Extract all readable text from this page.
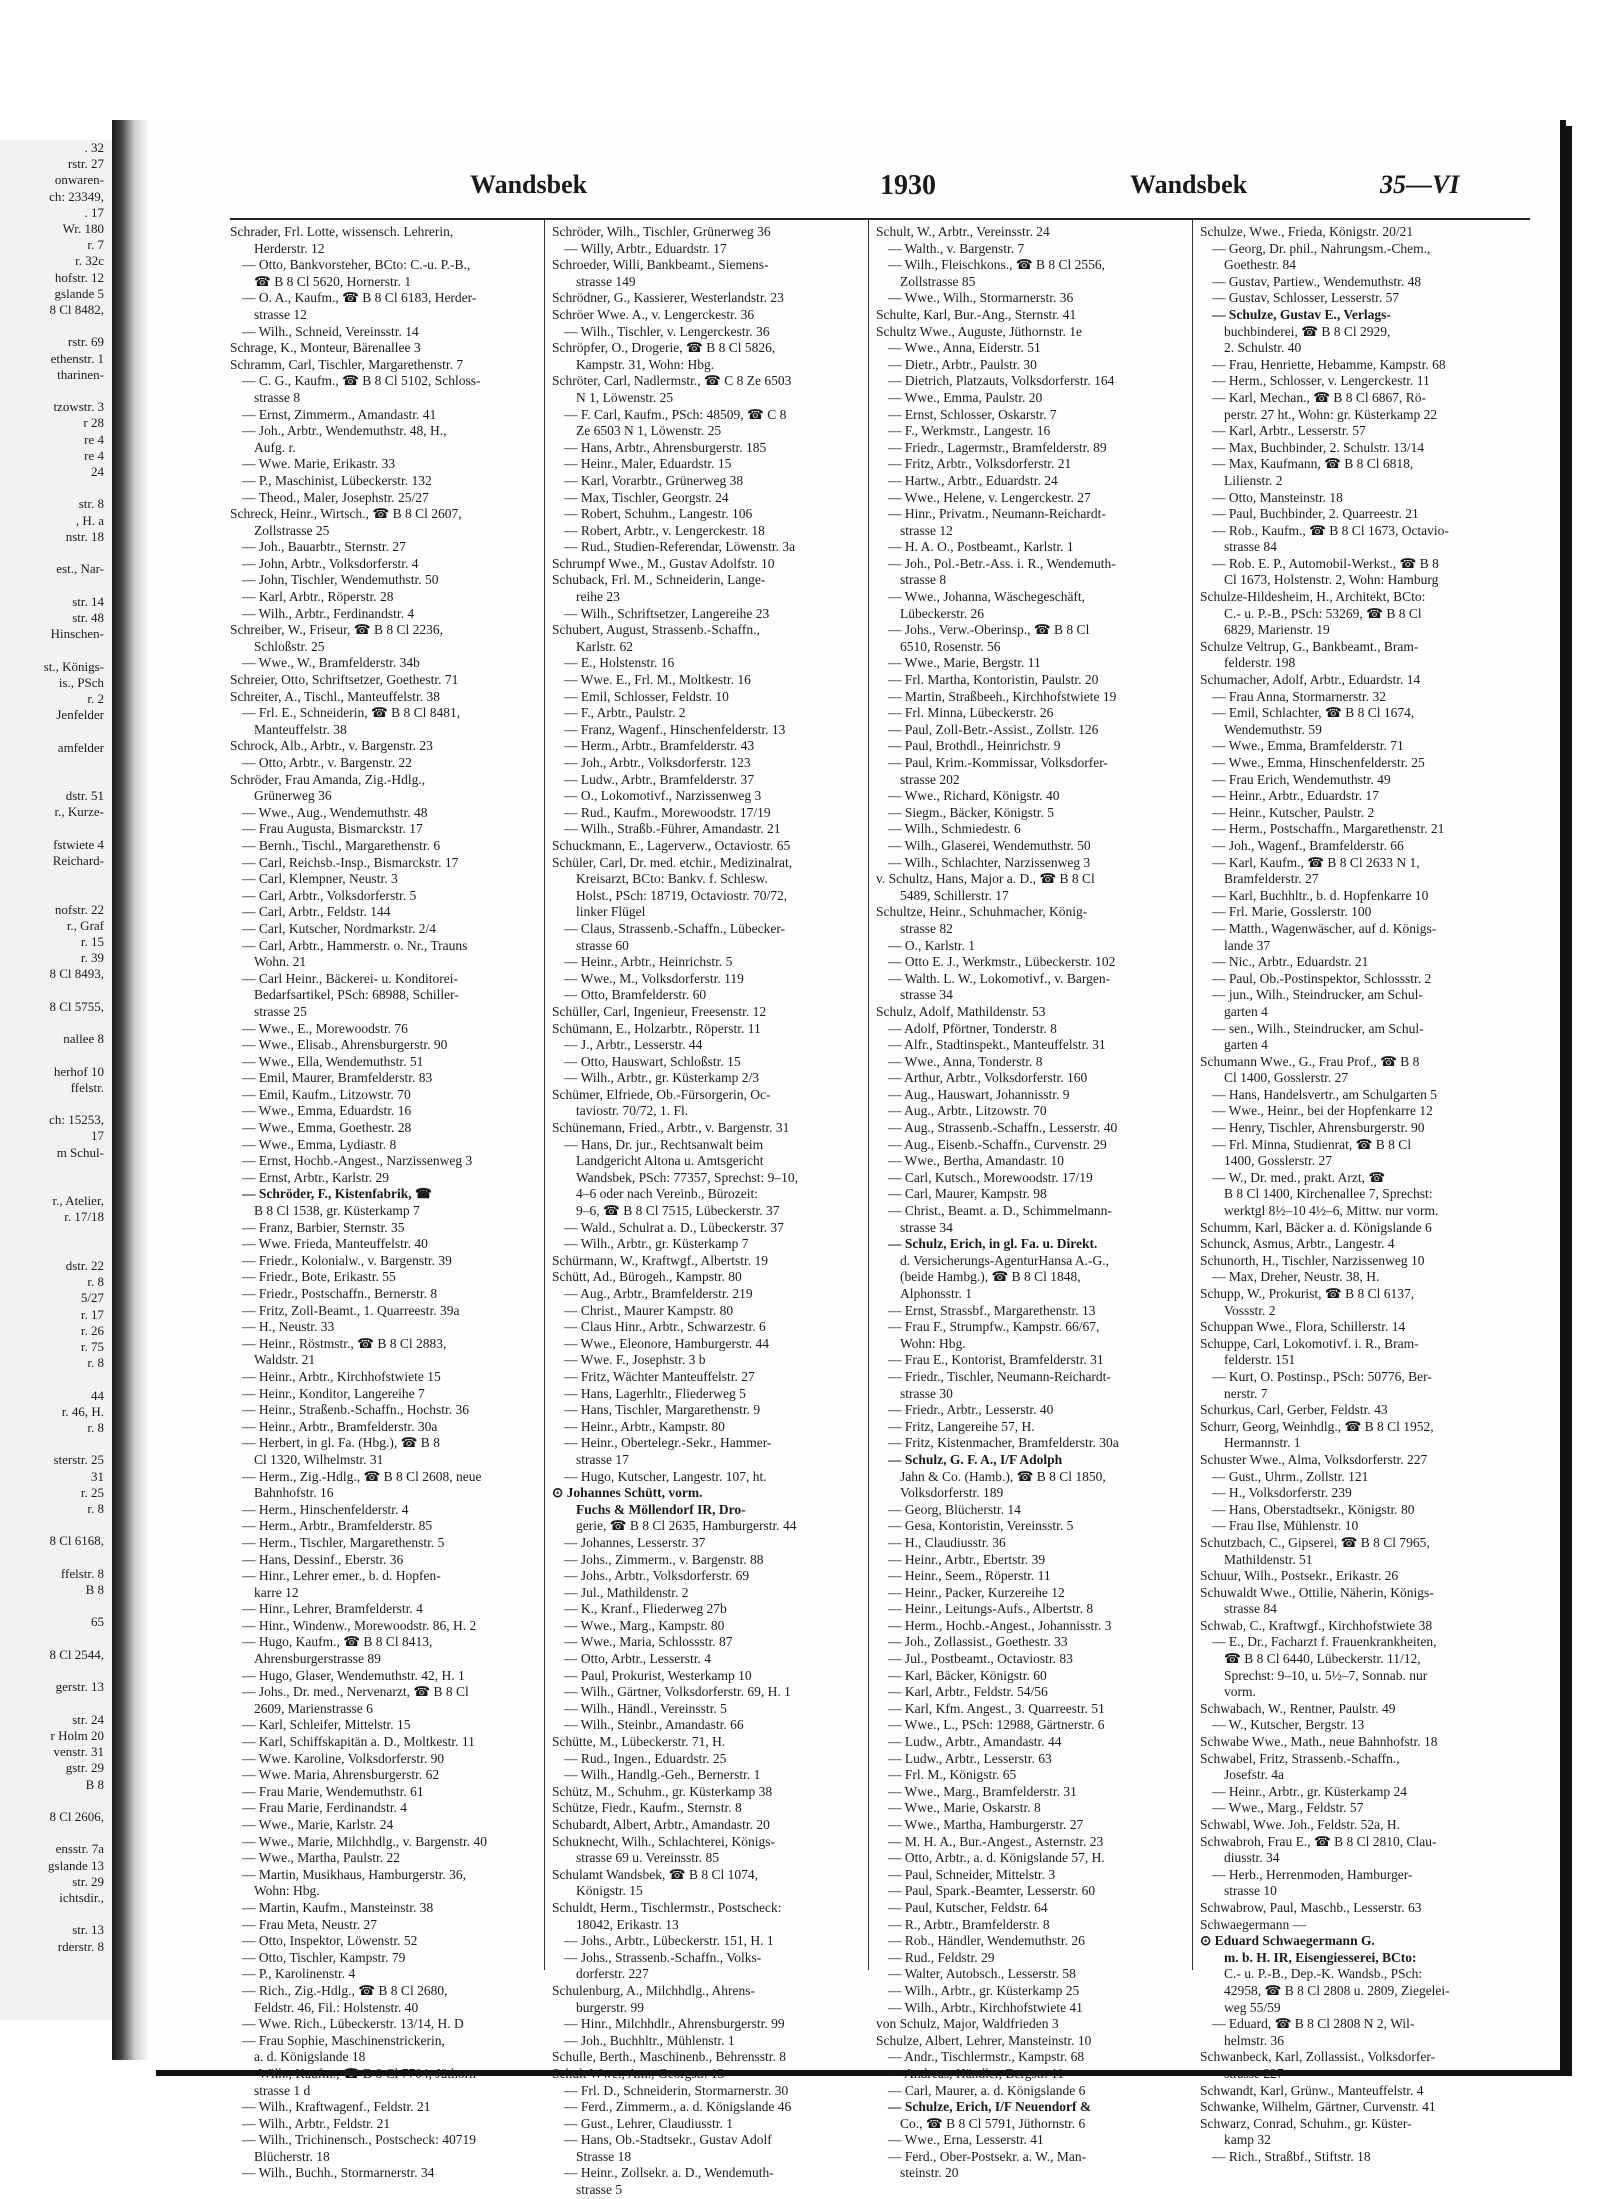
. 32
rstr. 27
onwaren-
ch: 23349,
. 17
Wr. 180
r. 7
r. 32c
hofstr. 12
gslande 5
8 Cl 8482,

rstr. 69
ethenstr. 1
tharinen-

tzowstr. 3
r 28
re 4
re 4
24

str. 8
, H. a
nstr. 18

est., Nar-

str. 14
str. 48
Hinschen-

st., Königs-
is., PSch
r. 2
Jenfelder

amfelder

dstr. 51
r., Kurze-

fstwiete 4
Reichard-

nofstr. 22
r., Graf
r. 15
r. 39
8 Cl 8493,

8 Cl 5755,

nallee 8

herhof 10
ffelstr.

ch: 15253,
17
m Schul-

r., Atelier,
r. 17/18

dstr. 22
r. 8
5/27
r. 17
r. 26
r. 75
r. 8

44
r. 46, H.
r. 8

sterstr. 25
31
r. 25
r. 8

8 Cl 6168,

ffelstr. 8
B 8

65

8 Cl 2544,

gerstr. 13

str. 24
r Holm 20
venstr. 31
gstr. 29
B 8

8 Cl 2606,

ensstr. 7a
gslande 13
str. 29
ichtsdir.,

str. 13
rderstr. 8
Wandsbek	1930	Wandsbek	35—VI
Schrader, Frl. Lotte, wissensch. Lehrerin,
Herderstr. 12
— Otto, Bankvorsteher, BCto: C.-u. P.-B.,
☎ B 8 Cl 5620, Hornerstr. 1
— O. A., Kaufm., ☎ B 8 Cl 6183, Herder-
strasse 12
— Wilh., Schneid, Vereinsstr. 14
Schrage, K., Monteur, Bärenallee 3
Schramm, Carl, Tischler, Margarethenstr. 7
— C. G., Kaufm., ☎ B 8 Cl 5102, Schloss-
strasse 8
— Ernst, Zimmerm., Amandastr. 41
— Joh., Arbtr., Wendemuthstr. 48, H.,
Aufg. r.
— Wwe. Marie, Erikastr. 33
— P., Maschinist, Lübeckerstr. 132
— Theod., Maler, Josephstr. 25/27
Schreck, Heinr., Wirtsch., ☎ B 8 Cl 2607,
Zollstrasse 25
— Joh., Bauarbtr., Sternstr. 27
— John, Arbtr., Volksdorferstr. 4
— John, Tischler, Wendemuthstr. 50
— Karl, Arbtr., Röperstr. 28
— Wilh., Arbtr., Ferdinandstr. 4
Schreiber, W., Friseur, ☎ B 8 Cl 2236,
Schloßstr. 25
— Wwe., W., Bramfelderstr. 34b
Schreier, Otto, Schriftsetzer, Goethestr. 71
Schreiter, A., Tischl., Manteuffelstr. 38
— Frl. E., Schneiderin, ☎ B 8 Cl 8481,
Manteuffelstr. 38
Schrock, Alb., Arbtr., v. Bargenstr. 23
— Otto, Arbtr., v. Bargenstr. 22
Schröder, Frau Amanda, Zig.-Hdlg.,
Grünerweg 36
— Wwe., Aug., Wendemuthstr. 48
— Frau Augusta, Bismarckstr. 17
— Bernh., Tischl., Margarethenstr. 6
— Carl, Reichsb.-Insp., Bismarckstr. 17
— Carl, Klempner, Neustr. 3
— Carl, Arbtr., Volksdorferstr. 5
— Carl, Arbtr., Feldstr. 144
— Carl, Kutscher, Nordmarkstr. 2/4
— Carl, Arbtr., Hammerstr. o. Nr., Trauns
Wohn. 21
— Carl Heinr., Bäckerei- u. Konditorei-
Bedarfsartikel, PSch: 68988, Schiller-
strasse 25
— Wwe., E., Morewoodstr. 76
— Wwe., Elisab., Ahrensburgerstr. 90
— Wwe., Ella, Wendemuthstr. 51
— Emil, Maurer, Bramfelderstr. 83
— Emil, Kaufm., Litzowstr. 70
— Wwe., Emma, Eduardstr. 16
— Wwe., Emma, Goethestr. 28
— Wwe., Emma, Lydiastr. 8
— Ernst, Hochb.-Angest., Narzissenweg 3
— Ernst, Arbtr., Karlstr. 29
— Schröder, F., Kistenfabrik, ☎
B 8 Cl 1538, gr. Küsterkamp 7
— Franz, Barbier, Sternstr. 35
— Wwe. Frieda, Manteuffelstr. 40
— Friedr., Kolonialw., v. Bargenstr. 39
— Friedr., Bote, Erikastr. 55
— Friedr., Postschaffn., Bernerstr. 8
— Fritz, Zoll-Beamt., 1. Quarreestr. 39a
— H., Neustr. 33
— Heinr., Röstmstr., ☎ B 8 Cl 2883,
Waldstr. 21
— Heinr., Arbtr., Kirchhofstwiete 15
— Heinr., Konditor, Langereihe 7
— Heinr., Straßenb.-Schaffn., Hochstr. 36
— Heinr., Arbtr., Bramfelderstr. 30a
— Herbert, in gl. Fa. (Hbg.), ☎ B 8
Cl 1320, Wilhelmstr. 31
— Herm., Zig.-Hdlg., ☎ B 8 Cl 2608, neue
Bahnhofstr. 16
— Herm., Hinschenfelderstr. 4
— Herm., Arbtr., Bramfelderstr. 85
— Herm., Tischler, Margarethenstr. 5
— Hans, Dessinf., Eberstr. 36
— Hinr., Lehrer emer., b. d. Hopfen-
karre 12
— Hinr., Lehrer, Bramfelderstr. 4
— Hinr., Windenw., Morewoodstr. 86, H. 2
— Hugo, Kaufm., ☎ B 8 Cl 8413,
Ahrensburgerstrasse 89
— Hugo, Glaser, Wendemuthstr. 42, H. 1
— Johs., Dr. med., Nervenarzt, ☎ B 8 Cl
2609, Marienstrasse 6
— Karl, Schleifer, Mittelstr. 15
— Karl, Schiffskapitän a. D., Moltkestr. 11
— Wwe. Karoline, Volksdorferstr. 90
— Wwe. Maria, Ahrensburgerstr. 62
— Frau Marie, Wendemuthstr. 61
— Frau Marie, Ferdinandstr. 4
— Wwe., Marie, Karlstr. 24
— Wwe., Marie, Milchhdlg., v. Bargenstr. 40
— Wwe., Martha, Paulstr. 22
— Martin, Musikhaus, Hamburgerstr. 36,
Wohn: Hbg.
— Martin, Kaufm., Mansteinstr. 38
— Frau Meta, Neustr. 27
— Otto, Inspektor, Löwenstr. 52
— Otto, Tischler, Kampstr. 79
— P., Karolinenstr. 4
— Rich., Zig.-Hdlg., ☎ B 8 Cl 2680,
Feldstr. 46, Fil.: Holstenstr. 40
— Wwe. Rich., Lübeckerstr. 13/14, H. D
— Frau Sophie, Maschinenstrickerin,
a. d. Königslande 18
— Wilh., Kaufm., ☎ B 8 Cl 7704, Jüthorn
strasse 1 d
— Wilh., Kraftwagenf., Feldstr. 21
— Wilh., Arbtr., Feldstr. 21
— Wilh., Trichinensch., Postscheck: 40719
Blücherstr. 18
— Wilh., Buchh., Stormarnerstr. 34
Schröder, Wilh., Tischler, Grünerweg 36
— Willy, Arbtr., Eduardstr. 17
Schroeder, Willi, Bankbeamt., Siemens-
strasse 149
Schrödner, G., Kassierer, Westerlandstr. 23
Schröer Wwe. A., v. Lengerckestr. 36
— Wilh., Tischler, v. Lengerckestr. 36
Schröpfer, O., Drogerie, ☎ B 8 Cl 5826,
Kampstr. 31, Wohn: Hbg.
Schröter, Carl, Nadlermstr., ☎ C 8 Ze 6503
N 1, Löwenstr. 25
— F. Carl, Kaufm., PSch: 48509, ☎ C 8
Ze 6503 N 1, Löwenstr. 25
— Hans, Arbtr., Ahrensburgerstr. 185
— Heinr., Maler, Eduardstr. 15
— Karl, Vorarbtr., Grünerweg 38
— Max, Tischler, Georgstr. 24
— Robert, Schuhm., Langestr. 106
— Robert, Arbtr., v. Lengerckestr. 18
— Rud., Studien-Referendar, Löwenstr. 3a
Schrumpf Wwe., M., Gustav Adolfstr. 10
Schuback, Frl. M., Schneiderin, Lange-
reihe 23
— Wilh., Schriftsetzer, Langereihe 23
Schubert, August, Strassenb.-Schaffn.,
Karlstr. 62
— E., Holstenstr. 16
— Wwe. E., Frl. M., Moltkestr. 16
— Emil, Schlosser, Feldstr. 10
— F., Arbtr., Paulstr. 2
— Franz, Wagenf., Hinschenfelderstr. 13
— Herm., Arbtr., Bramfelderstr. 43
— Joh., Arbtr., Volksdorferstr. 123
— Ludw., Arbtr., Bramfelderstr. 37
— O., Lokomotivf., Narzissenweg 3
— Rud., Kaufm., Morewoodstr. 17/19
— Wilh., Straßb.-Führer, Amandastr. 21
Schuckmann, E., Lagerverw., Octaviostr. 65
Schüler, Carl, Dr. med. etchir., Medizinalrat,
Kreisarzt, BCto: Bankv. f. Schlesw.
Holst., PSch: 18719, Octaviostr. 70/72,
linker Flügel
— Claus, Strassenb.-Schaffn., Lübecker-
strasse 60
— Heinr., Arbtr., Heinrichstr. 5
— Wwe., M., Volksdorferstr. 119
— Otto, Bramfelderstr. 60
Schüller, Carl, Ingenieur, Freesenstr. 12
Schümann, E., Holzarbtr., Röperstr. 11
— J., Arbtr., Lesserstr. 44
— Otto, Hauswart, Schloßstr. 15
— Wilh., Arbtr., gr. Küsterkamp 2/3
Schümer, Elfriede, Ob.-Fürsorgerin, Oc-
taviostr. 70/72, 1. Fl.
Schünemann, Fried., Arbtr., v. Bargenstr. 31
— Hans, Dr. jur., Rechtsanwalt beim
Landgericht Altona u. Amtsgericht
Wandsbek, PSch: 77357, Sprechst: 9–10,
4–6 oder nach Vereinb., Bürozeit:
9–6, ☎ B 8 Cl 7515, Lübeckerstr. 37
— Wald., Schulrat a. D., Lübeckerstr. 37
— Wilh., Arbtr., gr. Küsterkamp 7
Schürmann, W., Kraftwgf., Albertstr. 19
Schütt, Ad., Bürogeh., Kampstr. 80
— Aug., Arbtr., Bramfelderstr. 219
— Christ., Maurer Kampstr. 80
— Claus Hinr., Arbtr., Schwarzestr. 6
— Wwe., Eleonore, Hamburgerstr. 44
— Wwe. F., Josephstr. 3 b
— Fritz, Wächter Manteuffelstr. 27
— Hans, Lagerhltr., Fliederweg 5
— Hans, Tischler, Margarethenstr. 9
— Heinr., Arbtr., Kampstr. 80
— Heinr., Obertelegr.-Sekr., Hammer-
strasse 17
— Hugo, Kutscher, Langestr. 107, ht.
⊙ Johannes Schütt, vorm.
Fuchs & Möllendorf IR, Dro-
gerie, ☎ B 8 Cl 2635, Hamburgerstr. 44
— Johannes, Lesserstr. 37
— Johs., Zimmerm., v. Bargenstr. 88
— Johs., Arbtr., Volksdorferstr. 69
— Jul., Mathildenstr. 2
— K., Kranf., Fliederweg 27b
— Wwe., Marg., Kampstr. 80
— Wwe., Maria, Schlossstr. 87
— Otto, Arbtr., Lesserstr. 4
— Paul, Prokurist, Westerkamp 10
— Wilh., Gärtner, Volksdorferstr. 69, H. 1
— Wilh., Händl., Vereinsstr. 5
— Wilh., Steinbr., Amandastr. 66
Schütte, M., Lübeckerstr. 71, H.
— Rud., Ingen., Eduardstr. 25
— Wilh., Handlg.-Geh., Bernerstr. 1
Schütz, M., Schuhm., gr. Küsterkamp 38
Schütze, Fiedr., Kaufm., Sternstr. 8
Schubardt, Albert, Arbtr., Amandastr. 20
Schuknecht, Wilh., Schlachterei, Königs-
strasse 69 u. Vereinsstr. 85
Schulamt Wandsbek, ☎ B 8 Cl 1074,
Königstr. 15
Schuldt, Herm., Tischlermstr., Postscheck:
18042, Erikastr. 13
— Johs., Arbtr., Lübeckerstr. 151, H. 1
— Johs., Strassenb.-Schaffn., Volks-
dorferstr. 227
Schulenburg, A., Milchhdlg., Ahrens-
burgerstr. 99
— Hinr., Milchhdlr., Ahrensburgerstr. 99
— Joh., Buchhltr., Mühlenstr. 1
Schulle, Berth., Maschinenb., Behrensstr. 8
Schult Wwe., Am., Georgstr. 13
— Frl. D., Schneiderin, Stormarnerstr. 30
— Ferd., Zimmerm., a. d. Königslande 46
— Gust., Lehrer, Claudiusstr. 1
— Hans, Ob.-Stadtsekr., Gustav Adolf
Strasse 18
— Heinr., Zollsekr. a. D., Wendemuth-
strasse 5
Schult, W., Arbtr., Vereinsstr. 24
— Walth., v. Bargenstr. 7
— Wilh., Fleischkons., ☎ B 8 Cl 2556,
Zollstrasse 85
— Wwe., Wilh., Stormarnerstr. 36
Schulte, Karl, Bur.-Ang., Sternstr. 41
Schultz Wwe., Auguste, Jüthornstr. 1e
— Wwe., Anna, Eiderstr. 51
— Dietr., Arbtr., Paulstr. 30
— Dietrich, Platzauts, Volksdorferstr. 164
— Wwe., Emma, Paulstr. 20
— Ernst, Schlosser, Oskarstr. 7
— F., Werkmstr., Langestr. 16
— Friedr., Lagermstr., Bramfelderstr. 89
— Fritz, Arbtr., Volksdorferstr. 21
— Hartw., Arbtr., Eduardstr. 24
— Wwe., Helene, v. Lengerckestr. 27
— Hinr., Privatm., Neumann-Reichardt-
strasse 12
— H. A. O., Postbeamt., Karlstr. 1
— Joh., Pol.-Betr.-Ass. i. R., Wendemuth-
strasse 8
— Wwe., Johanna, Wäschegeschäft,
Lübeckerstr. 26
— Johs., Verw.-Oberinsp., ☎ B 8 Cl
6510, Rosenstr. 56
— Wwe., Marie, Bergstr. 11
— Frl. Martha, Kontoristin, Paulstr. 20
— Martin, Straßbeeh., Kirchhofstwiete 19
— Frl. Minna, Lübeckerstr. 26
— Paul, Zoll-Betr.-Assist., Zollstr. 126
— Paul, Brothdl., Heinrichstr. 9
— Paul, Krim.-Kommissar, Volksdorfer-
strasse 202
— Wwe., Richard, Königstr. 40
— Siegm., Bäcker, Königstr. 5
— Wilh., Schmiedestr. 6
— Wilh., Glaserei, Wendemuthstr. 50
— Wilh., Schlachter, Narzissenweg 3
v. Schultz, Hans, Major a. D., ☎ B 8 Cl
5489, Schillerstr. 17
Schultze, Heinr., Schuhmacher, König-
strasse 82
— O., Karlstr. 1
— Otto E. J., Werkmstr., Lübeckerstr. 102
— Walth. L. W., Lokomotivf., v. Bargen-
strasse 34
Schulz, Adolf, Mathildenstr. 53
— Adolf, Pförtner, Tonderstr. 8
— Alfr., Stadtinspekt., Manteuffelstr. 31
— Wwe., Anna, Tonderstr. 8
— Arthur, Arbtr., Volksdorferstr. 160
— Aug., Hauswart, Johannisstr. 9
— Aug., Arbtr., Litzowstr. 70
— Aug., Strassenb.-Schaffn., Lesserstr. 40
— Aug., Eisenb.-Schaffn., Curvenstr. 29
— Wwe., Bertha, Amandastr. 10
— Carl, Kutsch., Morewoodstr. 17/19
— Carl, Maurer, Kampstr. 98
— Christ., Beamt. a. D., Schimmelmann-
strasse 34
— Schulz, Erich, in gl. Fa. u. Direkt.
d. Versicherungs-AgenturHansa A.-G.,
(beide Hambg.), ☎ B 8 Cl 1848,
Alphonsstr. 1
— Ernst, Strassbf., Margarethenstr. 13
— Frau F., Strumpfw., Kampstr. 66/67,
Wohn: Hbg.
— Frau E., Kontorist, Bramfelderstr. 31
— Friedr., Tischler, Neumann-Reichardt-
strasse 30
— Friedr., Arbtr., Lesserstr. 40
— Fritz, Langereihe 57, H.
— Fritz, Kistenmacher, Bramfelderstr. 30a
— Schulz, G. F. A., I/F Adolph
Jahn & Co. (Hamb.), ☎ B 8 Cl 1850,
Volksdorferstr. 189
— Georg, Blücherstr. 14
— Gesa, Kontoristin, Vereinsstr. 5
— H., Claudiusstr. 36
— Heinr., Arbtr., Ebertstr. 39
— Heinr., Seem., Röperstr. 11
— Heinr., Packer, Kurzereihe 12
— Heinr., Leitungs-Aufs., Albertstr. 8
— Herm., Hochb.-Angest., Johannisstr. 3
— Joh., Zollassist., Goethestr. 33
— Jul., Postbeamt., Octaviostr. 83
— Karl, Bäcker, Königstr. 60
— Karl, Arbtr., Feldstr. 54/56
— Karl, Kfm. Angest., 3. Quarreestr. 51
— Wwe., L., PSch: 12988, Gärtnerstr. 6
— Ludw., Arbtr., Amandastr. 44
— Ludw., Arbtr., Lesserstr. 63
— Frl. M., Königstr. 65
— Wwe., Marg., Bramfelderstr. 31
— Wwe., Marie, Oskarstr. 8
— Wwe., Martha, Hamburgerstr. 27
— M. H. A., Bur.-Angest., Asternstr. 23
— Otto, Arbtr., a. d. Königslande 57, H.
— Paul, Schneider, Mittelstr. 3
— Paul, Spark.-Beamter, Lesserstr. 60
— Paul, Kutscher, Feldstr. 64
— R., Arbtr., Bramfelderstr. 8
— Rob., Händler, Wendemuthstr. 26
— Rud., Feldstr. 29
— Walter, Autobsch., Lesserstr. 58
— Wilh., Arbtr., gr. Küsterkamp 25
— Wilh., Arbtr., Kirchhofstwiete 41
von Schulz, Major, Waldfrieden 3
Schulze, Albert, Lehrer, Mansteinstr. 10
— Andr., Tischlermstr., Kampstr. 68
— Andreas, Händler, Bergstr. 11
— Carl, Maurer, a. d. Königslande 6
— Schulze, Erich, I/F Neuendorf &
Co., ☎ B 8 Cl 5791, Jüthornstr. 6
— Wwe., Erna, Lesserstr. 41
— Ferd., Ober-Postsekr. a. W., Man-
steinstr. 20
Schulze, Wwe., Frieda, Königstr. 20/21
— Georg, Dr. phil., Nahrungsm.-Chem.,
Goethestr. 84
— Gustav, Partiew., Wendemuthstr. 48
— Gustav, Schlosser, Lesserstr. 57
— Schulze, Gustav E., Verlags-
buchbinderei, ☎ B 8 Cl 2929,
2. Schulstr. 40
— Frau, Henriette, Hebamme, Kampstr. 68
— Herm., Schlosser, v. Lengerckestr. 11
— Karl, Mechan., ☎ B 8 Cl 6867, Rö-
perstr. 27 ht., Wohn: gr. Küsterkamp 22
— Karl, Arbtr., Lesserstr. 57
— Max, Buchbinder, 2. Schulstr. 13/14
— Max, Kaufmann, ☎ B 8 Cl 6818,
Lilienstr. 2
— Otto, Mansteinstr. 18
— Paul, Buchbinder, 2. Quarreestr. 21
— Rob., Kaufm., ☎ B 8 Cl 1673, Octavio-
strasse 84
— Rob. E. P., Automobil-Werkst., ☎ B 8
Cl 1673, Holstenstr. 2, Wohn: Hamburg
Schulze-Hildesheim, H., Architekt, BCto:
C.- u. P.-B., PSch: 53269, ☎ B 8 Cl
6829, Marienstr. 19
Schulze Veltrup, G., Bankbeamt., Bram-
felderstr. 198
Schumacher, Adolf, Arbtr., Eduardstr. 14
— Frau Anna, Stormarnerstr. 32
— Emil, Schlachter, ☎ B 8 Cl 1674,
Wendemuthstr. 59
— Wwe., Emma, Bramfelderstr. 71
— Wwe., Emma, Hinschenfelderstr. 25
— Frau Erich, Wendemuthstr. 49
— Heinr., Arbtr., Eduardstr. 17
— Heinr., Kutscher, Paulstr. 2
— Herm., Postschaffn., Margarethenstr. 21
— Joh., Wagenf., Bramfelderstr. 66
— Karl, Kaufm., ☎ B 8 Cl 2633 N 1,
Bramfelderstr. 27
— Karl, Buchhltr., b. d. Hopfenkarre 10
— Frl. Marie, Gosslerstr. 100
— Matth., Wagenwäscher, auf d. Königs-
lande 37
— Nic., Arbtr., Eduardstr. 21
— Paul, Ob.-Postinspektor, Schlossstr. 2
— jun., Wilh., Steindrucker, am Schul-
garten 4
— sen., Wilh., Steindrucker, am Schul-
garten 4
Schumann Wwe., G., Frau Prof., ☎ B 8
Cl 1400, Gosslerstr. 27
— Hans, Handelsvertr., am Schulgarten 5
— Wwe., Heinr., bei der Hopfenkarre 12
— Henry, Tischler, Ahrensburgerstr. 90
— Frl. Minna, Studienrat, ☎ B 8 Cl
1400, Gosslerstr. 27
— W., Dr. med., prakt. Arzt, ☎
B 8 Cl 1400, Kirchenallee 7, Sprechst:
werktgl 8½–10 4½–6, Mittw. nur vorm.
Schumm, Karl, Bäcker a. d. Königslande 6
Schunck, Asmus, Arbtr., Langestr. 4
Schunorth, H., Tischler, Narzissenweg 10
— Max, Dreher, Neustr. 38, H.
Schupp, W., Prokurist, ☎ B 8 Cl 6137,
Vossstr. 2
Schuppan Wwe., Flora, Schillerstr. 14
Schuppe, Carl, Lokomotivf. i. R., Bram-
felderstr. 151
— Kurt, O. Postinsp., PSch: 50776, Ber-
nerstr. 7
Schurkus, Carl, Gerber, Feldstr. 43
Schurr, Georg, Weinhdlg., ☎ B 8 Cl 1952,
Hermannstr. 1
Schuster Wwe., Alma, Volksdorferstr. 227
— Gust., Uhrm., Zollstr. 121
— H., Volksdorferstr. 239
— Hans, Oberstadtsekr., Königstr. 80
— Frau Ilse, Mühlenstr. 10
Schutzbach, C., Gipserei, ☎ B 8 Cl 7965,
Mathildenstr. 51
Schuur, Wilh., Postsekr., Erikastr. 26
Schuwaldt Wwe., Ottilie, Näherin, Königs-
strasse 84
Schwab, C., Kraftwgf., Kirchhofstwiete 38
— E., Dr., Facharzt f. Frauenkrankheiten,
☎ B 8 Cl 6440, Lübeckerstr. 11/12,
Sprechst: 9–10, u. 5½–7, Sonnab. nur
vorm.
Schwabach, W., Rentner, Paulstr. 49
— W., Kutscher, Bergstr. 13
Schwabe Wwe., Math., neue Bahnhofstr. 18
Schwabel, Fritz, Strassenb.-Schaffn.,
Josefstr. 4a
— Heinr., Arbtr., gr. Küsterkamp 24
— Wwe., Marg., Feldstr. 57
Schwabl, Wwe. Joh., Feldstr. 52a, H.
Schwabroh, Frau E., ☎ B 8 Cl 2810, Clau-
diusstr. 34
— Herb., Herrenmoden, Hamburger-
strasse 10
Schwabrow, Paul, Maschb., Lesserstr. 63
Schwaegermann —
⊙ Eduard Schwaegermann G.
m. b. H. IR, Eisengiesserei, BCto:
C.- u. P.-B., Dep.-K. Wandsb., PSch:
42958, ☎ B 8 Cl 2808 u. 2809, Ziegelei-
weg 55/59
— Eduard, ☎ B 8 Cl 2808 N 2, Wil-
helmstr. 36
Schwanbeck, Karl, Zollassist., Volksdorfer-
strasse 227
Schwandt, Karl, Grünw., Manteuffelstr. 4
Schwanke, Wilhelm, Gärtner, Curvenstr. 41
Schwarz, Conrad, Schuhm., gr. Küster-
kamp 32
— Rich., Straßbf., Stiftstr. 18
